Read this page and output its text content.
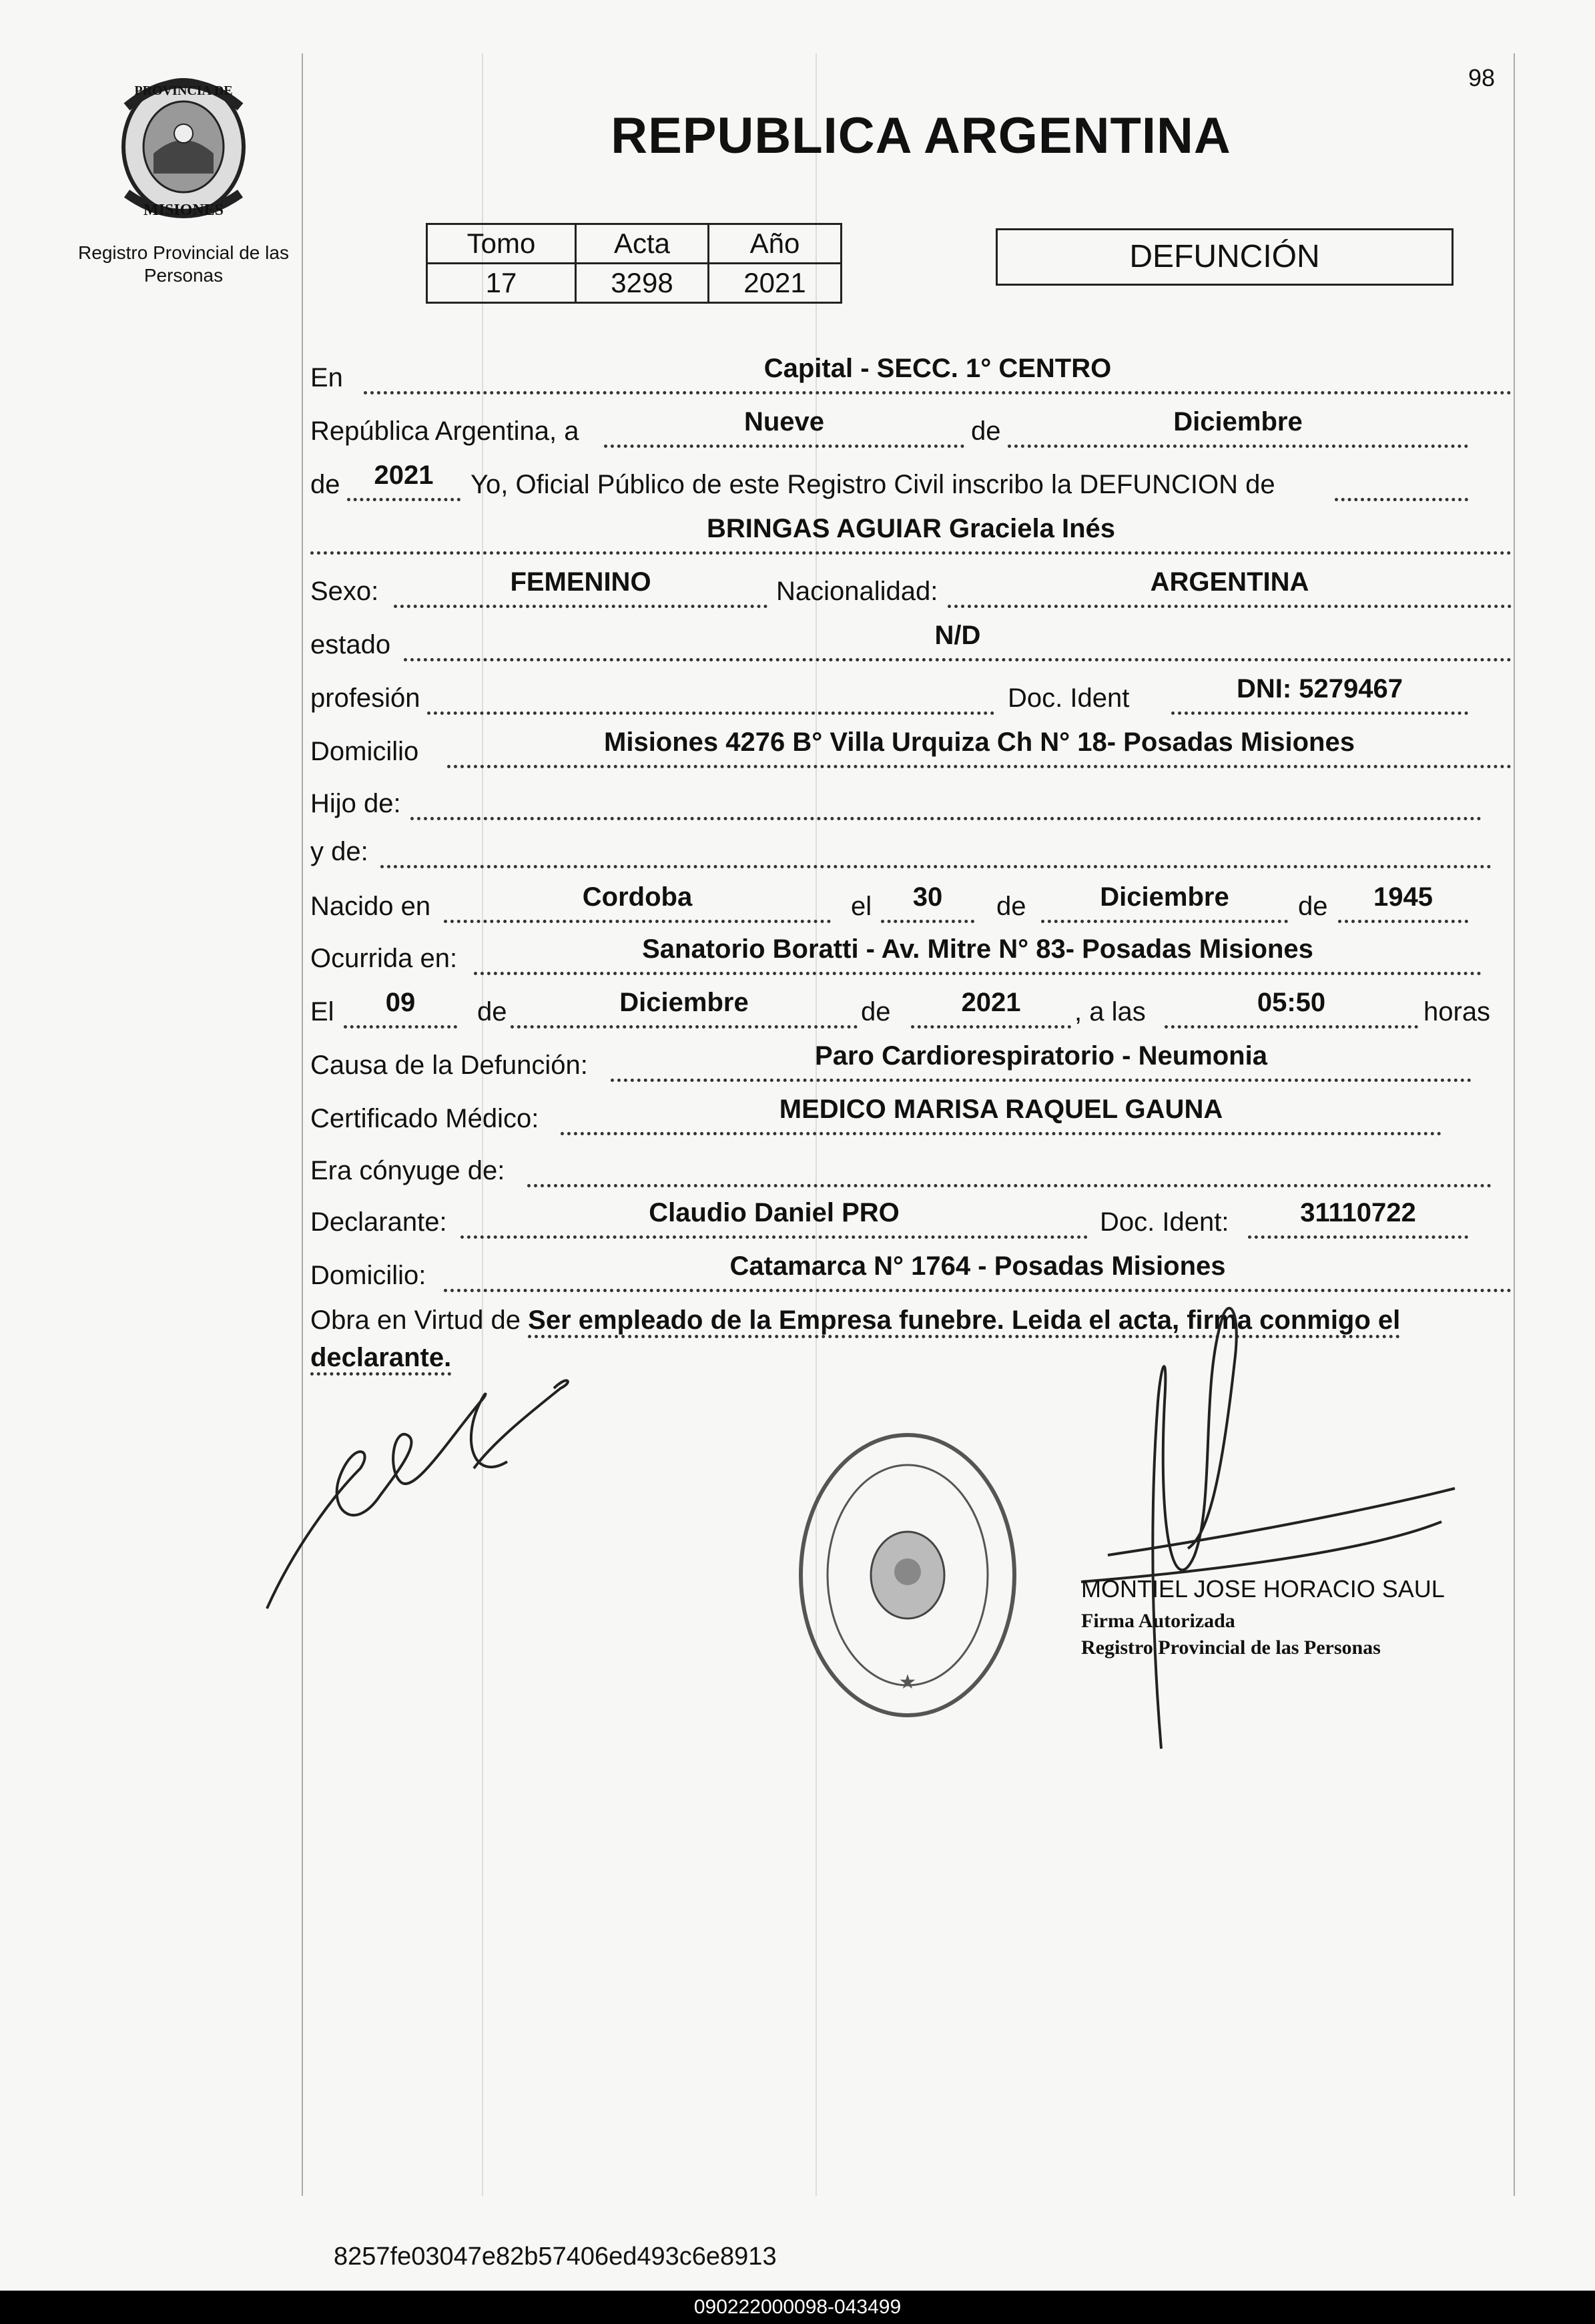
PROVINCIA DE
MISIONES
Registro Provincial de las Personas
98
REPUBLICA ARGENTINA
Tomo	Acta	Año
17	3298	2021
DEFUNCIÓN
En	Capital - SECC. 1° CENTRO
República Argentina, a	Nueve	de	Diciembre
de	2021	Yo, Oficial Público de este Registro Civil inscribo la DEFUNCION de
BRINGAS AGUIAR Graciela Inés
Sexo:	FEMENINO	Nacionalidad:	ARGENTINA
estado	N/D
profesión	Doc. Ident	DNI: 5279467
Domicilio	Misiones 4276 B° Villa Urquiza Ch N° 18- Posadas Misiones
Hijo de:
y de:
Nacido en	Cordoba	el	30	de	Diciembre	de	1945
Ocurrida en:	Sanatorio Boratti - Av. Mitre N° 83- Posadas Misiones
El	09	de	Diciembre	de	2021	, a las	05:50	horas
Causa de la Defunción:	Paro Cardiorespiratorio - Neumonia
Certificado Médico:	MEDICO MARISA RAQUEL GAUNA
Era cónyuge de:
Declarante:	Claudio Daniel PRO	Doc. Ident:	31110722
Domicilio:	Catamarca N° 1764 - Posadas Misiones
Obra en Virtud de Ser empleado de la Empresa funebre. Leida el acta, firma conmigo el declarante.
★
MONTIEL JOSE HORACIO SAUL
Firma Autorizada
Registro Provincial de las Personas
8257fe03047e82b57406ed493c6e8913
090222000098-043499
